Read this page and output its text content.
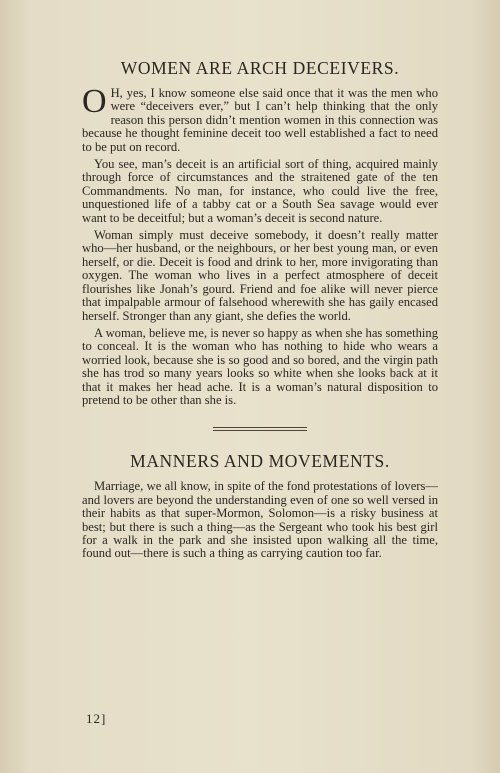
WOMEN ARE ARCH DECEIVERS.

O H, yes, I know someone else said once that it was the men who were “deceivers ever,” but I can’t help thinking that the only reason this person didn’t mention women in this connection was because he thought feminine deceit too well established a fact to need to be put on record.

You see, man’s deceit is an artificial sort of thing, acquired mainly through force of circumstances and the straitened gate of the ten Commandments. No man, for instance, who could live the free, unquestioned life of a tabby cat or a South Sea savage would ever want to be deceitful; but a woman’s deceit is second nature.

Woman simply must deceive somebody, it doesn’t really matter who—her husband, or the neighbours, or her best young man, or even herself, or die. Deceit is food and drink to her, more invigorating than oxygen. The woman who lives in a perfect atmosphere of deceit flourishes like Jonah’s gourd. Friend and foe alike will never pierce that impalpable armour of falsehood wherewith she has gaily encased herself. Stronger than any giant, she defies the world.

A woman, believe me, is never so happy as when she has something to conceal. It is the woman who has nothing to hide who wears a worried look, because she is so good and so bored, and the virgin path she has trod so many years looks so white when she looks back at it that it makes her head ache. It is a woman’s natural disposition to pretend to be other than she is.

MANNERS AND MOVEMENTS.

Marriage, we all know, in spite of the fond protestations of lovers—and lovers are beyond the understanding even of one so well versed in their habits as that super-Mormon, Solomon—is a risky business at best; but there is such a thing—as the Sergeant who took his best girl for a walk in the park and she insisted upon walking all the time, found out—there is such a thing as carrying caution too far.

12]
